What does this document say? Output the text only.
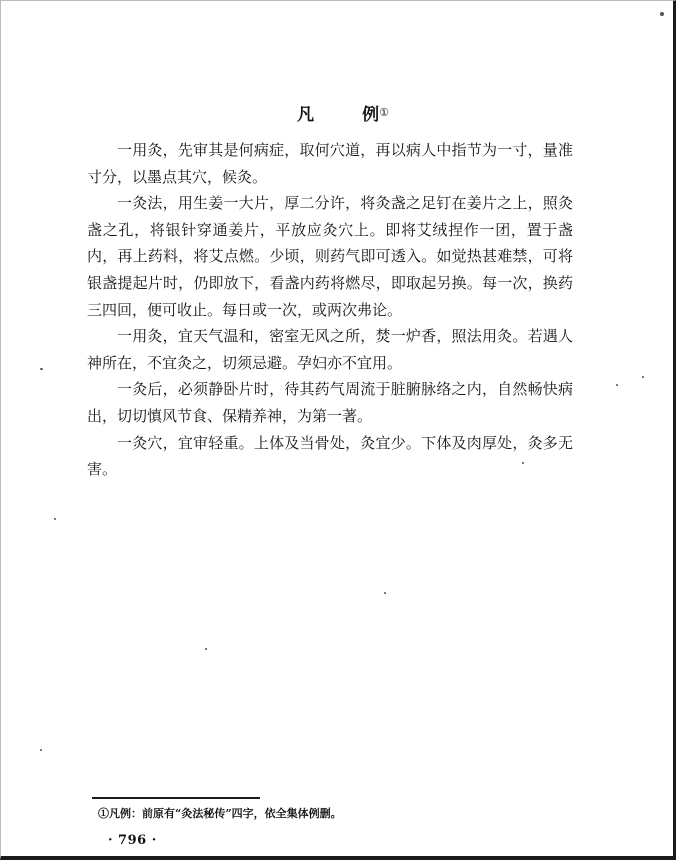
凡	例①

一用灸，先审其是何病症，取何穴道，再以病人中指节为一寸，量准寸分，以墨点其穴，候灸。

一灸法，用生姜一大片，厚二分许，将灸盏之足钉在姜片之上，照灸盏之孔，将银针穿通姜片，平放应灸穴上。即将艾绒捏作一团，置于盏内，再上药料，将艾点燃。少顷，则药气即可透入。如觉热甚难禁，可将银盏提起片时，仍即放下，看盏内药将燃尽，即取起另换。每一次，换药三四回，便可收止。每日或一次，或两次弗论。

一用灸，宜天气温和，密室无风之所，焚一炉香，照法用灸。若遇人神所在，不宜灸之，切须忌避。孕妇亦不宜用。

一灸后，必须静卧片时，待其药气周流于脏腑脉络之内，自然畅快病出，切切慎风节食、保精养神，为第一著。

一灸穴，宜审轻重。上体及当骨处，灸宜少。下体及肉厚处，灸多无害。

①凡例：前原有“灸法秘传”四字，依全集体例删。
· 796 ·
